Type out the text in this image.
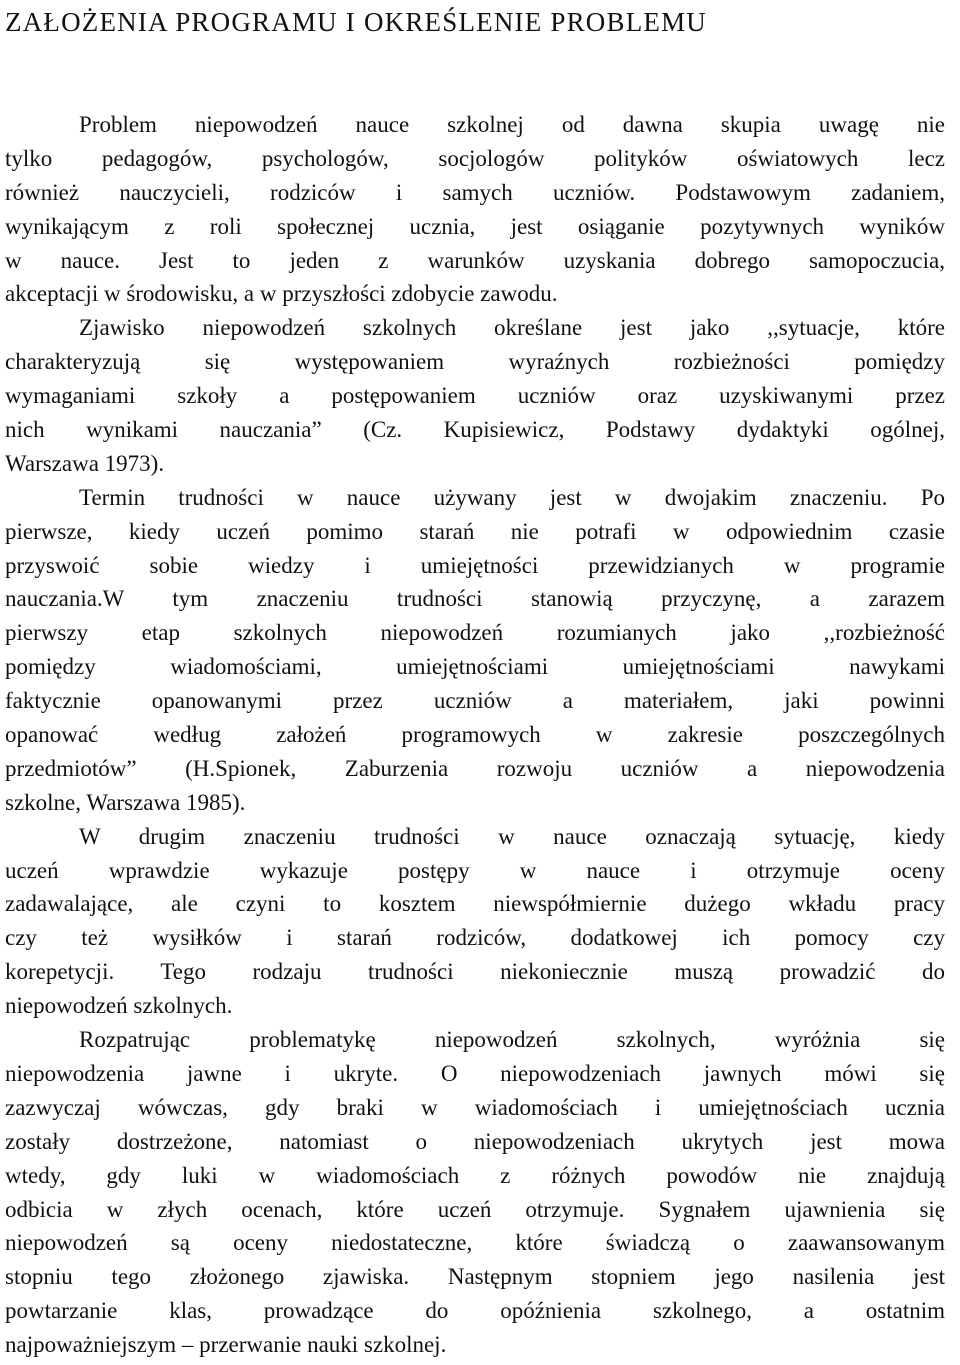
ZAŁOŻENIA PROGRAMU I OKREŚLENIE PROBLEMU
Problem niepowodzeń nauce szkolnej od dawna skupia uwagę nie
tylko pedagogów, psychologów, socjologów polityków oświatowych lecz
również nauczycieli, rodziców i samych uczniów. Podstawowym zadaniem,
wynikającym z roli społecznej ucznia, jest osiąganie pozytywnych wyników
w nauce. Jest to jeden z warunków uzyskania dobrego samopoczucia,
akceptacji w środowisku, a w przyszłości zdobycie zawodu.
Zjawisko niepowodzeń szkolnych określane jest jako ,,sytuacje, które
charakteryzują się występowaniem wyraźnych rozbieżności pomiędzy
wymaganiami szkoły a postępowaniem uczniów oraz uzyskiwanymi przez
nich wynikami nauczania” (Cz. Kupisiewicz, Podstawy dydaktyki ogólnej,
Warszawa 1973).
Termin trudności w nauce używany jest w dwojakim znaczeniu. Po
pierwsze, kiedy uczeń pomimo starań nie potrafi w odpowiednim czasie
przyswoić sobie wiedzy i umiejętności przewidzianych w programie
nauczania.W tym znaczeniu trudności stanowią przyczynę, a zarazem
pierwszy etap szkolnych niepowodzeń rozumianych jako ,,rozbieżność
pomiędzy wiadomościami, umiejętnościami umiejętnościami nawykami
faktycznie opanowanymi przez uczniów a materiałem, jaki powinni
opanować według założeń programowych w zakresie poszczególnych
przedmiotów” (H.Spionek, Zaburzenia rozwoju uczniów a niepowodzenia
szkolne, Warszawa 1985).
W drugim znaczeniu trudności w nauce oznaczają sytuację, kiedy
uczeń wprawdzie wykazuje postępy w nauce i otrzymuje oceny
zadawalające, ale czyni to kosztem niewspółmiernie dużego wkładu pracy
czy też wysiłków i starań rodziców, dodatkowej ich pomocy czy
korepetycji. Tego rodzaju trudności niekoniecznie muszą prowadzić do
niepowodzeń szkolnych.
Rozpatrując problematykę niepowodzeń szkolnych, wyróżnia się
niepowodzenia jawne i ukryte. O niepowodzeniach jawnych mówi się
zazwyczaj wówczas, gdy braki w wiadomościach i umiejętnościach ucznia
zostały dostrzeżone, natomiast o niepowodzeniach ukrytych jest mowa
wtedy, gdy luki w wiadomościach z różnych powodów nie znajdują
odbicia w złych ocenach, które uczeń otrzymuje. Sygnałem ujawnienia się
niepowodzeń są oceny niedostateczne, które świadczą o zaawansowanym
stopniu tego złożonego zjawiska. Następnym stopniem jego nasilenia jest
powtarzanie klas, prowadzące do opóźnienia szkolnego, a ostatnim
najpoważniejszym – przerwanie nauki szkolnej.
